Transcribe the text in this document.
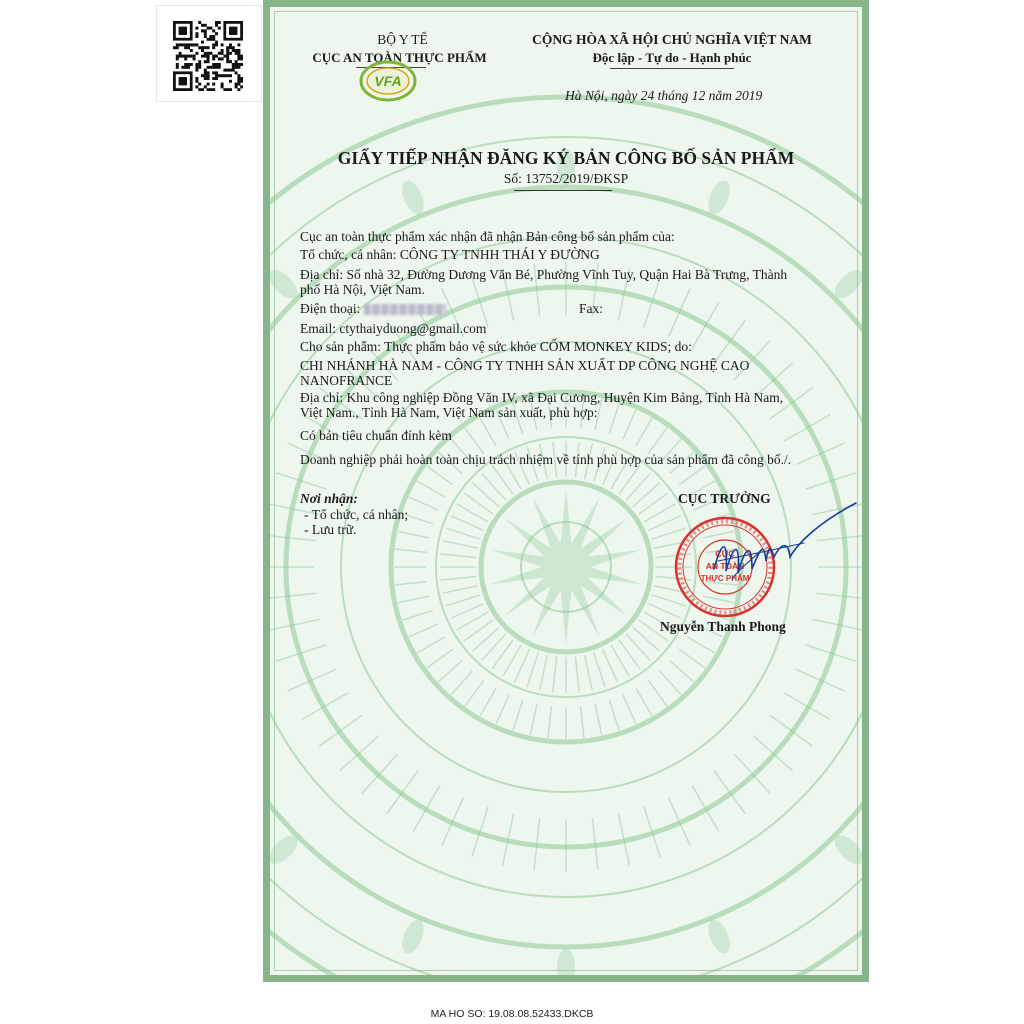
BỘ Y TẾ
CỤC AN TOÀN THỰC PHẨM
VFA
CỘNG HÒA XÃ HỘI CHỦ NGHĨA VIỆT NAM
Độc lập - Tự do - Hạnh phúc
Hà Nội, ngày 24 tháng 12 năm 2019
GIẤY TIẾP NHẬN ĐĂNG KÝ BẢN CÔNG BỐ SẢN PHẨM
Số: 13752/2019/ĐKSP
Cục an toàn thực phẩm xác nhận đã nhận Bản công bố sản phẩm của:
Tổ chức, cá nhân: CÔNG TY TNHH THÁI Y ĐƯỜNG
Địa chỉ: Số nhà 32, Đường Dương Văn Bé, Phường Vĩnh Tuy, Quận Hai Bà Trưng, Thành
phố Hà Nội, Việt Nam.
Điện thoại:	Fax:
Email: ctythaiyduong@gmail.com
Cho sản phẩm: Thực phẩm bảo vệ sức khỏe CỐM MONKEY KIDS; do:
CHI NHÁNH HÀ NAM - CÔNG TY TNHH SẢN XUẤT DP CÔNG NGHỆ CAO
NANOFRANCE
Địa chỉ: Khu công nghiệp Đồng Văn IV, xã Đại Cương, Huyện Kim Bảng, Tỉnh Hà Nam,
Việt Nam., Tỉnh Hà Nam, Việt Nam sản xuất, phù hợp:
Có bản tiêu chuẩn đính kèm
Doanh nghiệp phải hoàn toàn chịu trách nhiệm về tính phù hợp của sản phẩm đã công bố./.
Nơi nhận:
- Tổ chức, cá nhân;
- Lưu trữ.
CỤC TRƯỞNG
CỤC
AN TOÀN
THỰC PHẨM
Nguyễn Thanh Phong
MA HO SO: 19.08.08.52433.DKCB
